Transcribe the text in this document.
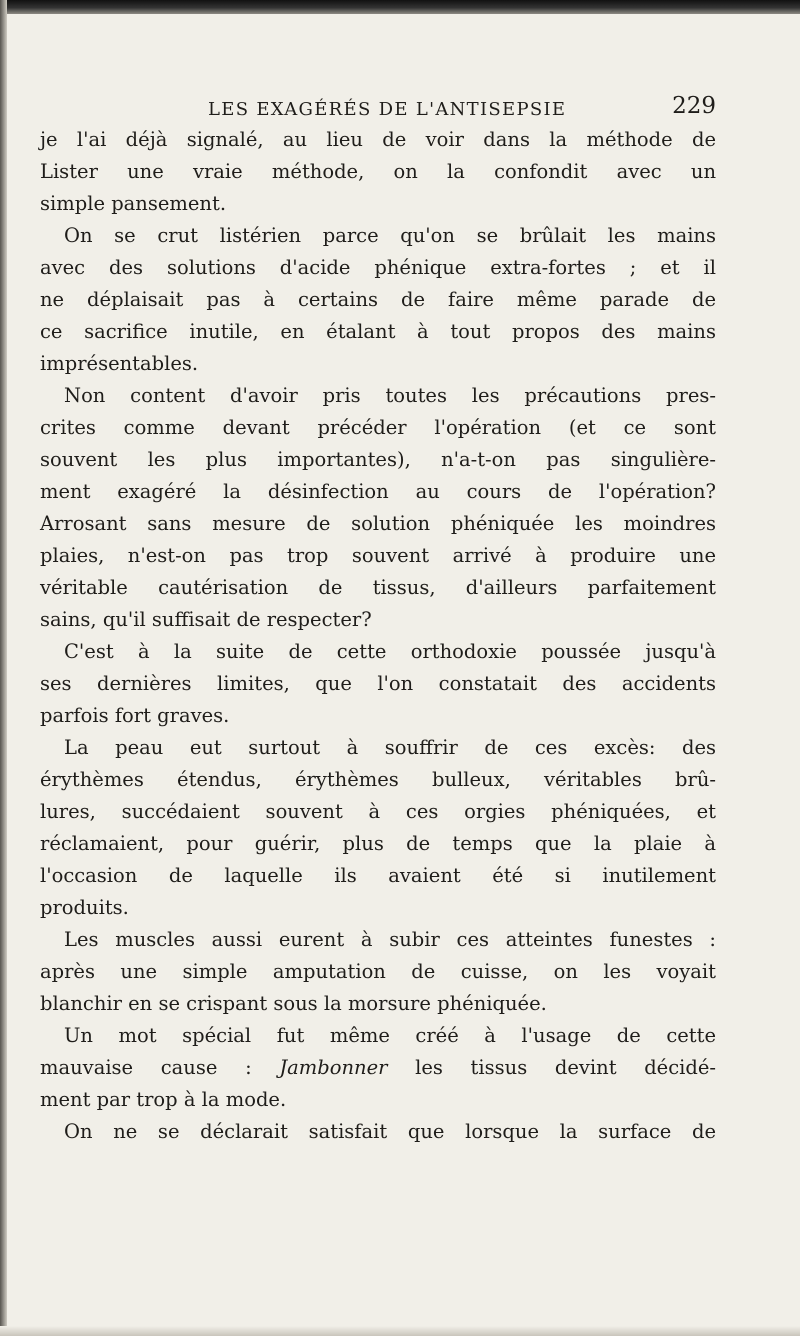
LES EXAGÉRÉS DE L'ANTISEPSIE	229
je l'ai déjà signalé, au lieu de voir dans la méthode de
Lister une vraie méthode, on la confondit avec un
simple pansement.
On se crut listérien parce qu'on se brûlait les mains
avec des solutions d'acide phénique extra-fortes ; et il
ne déplaisait pas à certains de faire même parade de
ce sacrifice inutile, en étalant à tout propos des mains
imprésentables.
Non content d'avoir pris toutes les précautions pres-
crites comme devant précéder l'opération (et ce sont
souvent les plus importantes), n'a-t-on pas singulière-
ment exagéré la désinfection au cours de l'opération?
Arrosant sans mesure de solution phéniquée les moindres
plaies, n'est-on pas trop souvent arrivé à produire une
véritable cautérisation de tissus, d'ailleurs parfaitement
sains, qu'il suffisait de respecter?
C'est à la suite de cette orthodoxie poussée jusqu'à
ses dernières limites, que l'on constatait des accidents
parfois fort graves.
La peau eut surtout à souffrir de ces excès: des
érythèmes étendus, érythèmes bulleux, véritables brû-
lures, succédaient souvent à ces orgies phéniquées, et
réclamaient, pour guérir, plus de temps que la plaie à
l'occasion de laquelle ils avaient été si inutilement
produits.
Les muscles aussi eurent à subir ces atteintes funestes :
après une simple amputation de cuisse, on les voyait
blanchir en se crispant sous la morsure phéniquée.
Un mot spécial fut même créé à l'usage de cette
mauvaise cause : Jambonner les tissus devint décidé-
ment par trop à la mode.
On ne se déclarait satisfait que lorsque la surface de
